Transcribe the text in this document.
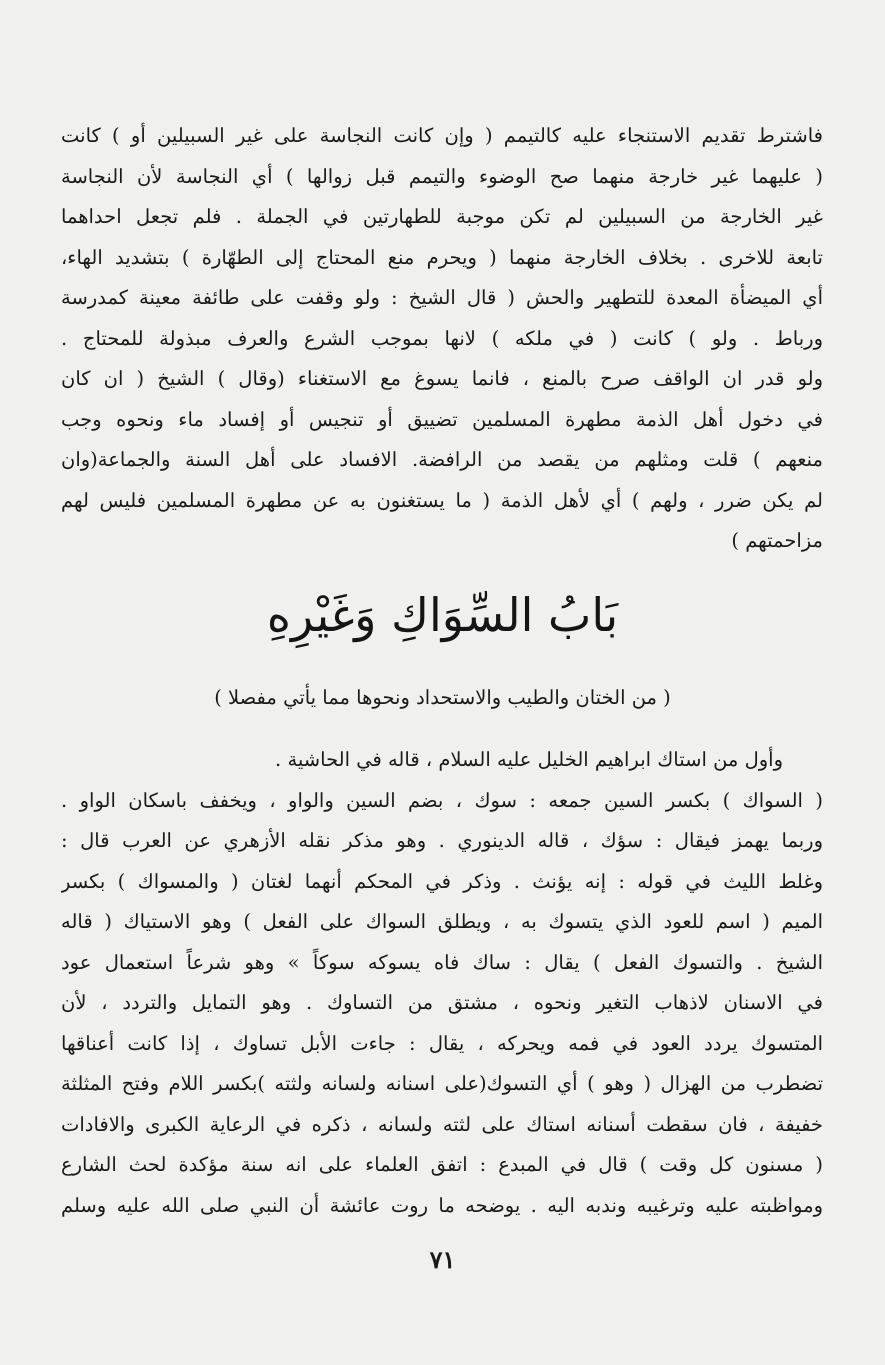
فاشترط تقديم الاستنجاء عليه كالتيمم ( وإن كانت النجاسة على غير السبيلين أو ) كانت
( عليهما غير خارجة منهما صح الوضوء والتيمم قبل زوالها ) أي النجاسة لأن النجاسة
غير الخارجة من السبيلين لم تكن موجبة للطهارتين في الجملة . فلم تجعل احداهما
تابعة للاخرى . بخلاف الخارجة منهما ( ويحرم منع المحتاج إلى الطهّارة ) بتشديد الهاء،
أي الميضأة المعدة للتطهير والحش ( قال الشيخ : ولو وقفت على طائفة معينة كمدرسة
ورباط . ولو ) كانت ( في ملكه ) لانها بموجب الشرع والعرف مبذولة للمحتاج .
ولو قدر ان الواقف صرح بالمنع ، فانما يسوغ مع الاستغناء (وقال ) الشيخ ( ان كان
في دخول أهل الذمة مطهرة المسلمين تضييق أو تنجيس أو إفساد ماء ونحوه وجب
منعهم ) قلت ومثلهم من يقصد من الرافضة. الافساد على أهل السنة والجماعة(وان
لم يكن ضرر ، ولهم ) أي لأهل الذمة ( ما يستغنون به عن مطهرة المسلمين فليس لهم
مزاحمتهم )
بَابُ السِّوَاكِ وَغَيْرِهِ
( من الختان والطيب والاستحداد ونحوها مما يأتي مفصلا )
وأول من استاك ابراهيم الخليل عليه السلام ، قاله في الحاشية .
( السواك ) بكسر السين جمعه : سوك ، بضم السين والواو ، ويخفف باسكان الواو .
وربما يهمز فيقال : سؤك ، قاله الدينوري . وهو مذكر نقله الأزهري عن العرب قال :
وغلط الليث في قوله : إنه يؤنث . وذكر في المحكم أنهما لغتان ( والمسواك ) بكسر
الميم ( اسم للعود الذي يتسوك به ، ويطلق السواك على الفعل ) وهو الاستياك ( قاله
الشيخ . والتسوك الفعل ) يقال : ساك فاه يسوكه سوكاً » وهو شرعاً استعمال عود
في الاسنان لاذهاب التغير ونحوه ، مشتق من التساوك . وهو التمايل والتردد ، لأن
المتسوك يردد العود في فمه ويحركه ، يقال : جاءت الأبل تساوك ، إذا كانت أعناقها
تضطرب من الهزال ( وهو ) أي التسوك(على اسنانه ولسانه ولثته )بكسر اللام وفتح المثلثة
خفيفة ، فان سقطت أسنانه استاك على لثته ولسانه ، ذكره في الرعاية الكبرى والافادات
( مسنون كل وقت ) قال في المبدع : اتفق العلماء على انه سنة مؤكدة لحث الشارع
ومواظبته عليه وترغيبه وندبه اليه . يوضحه ما روت عائشة أن النبي صلى الله عليه وسلم
٧١
